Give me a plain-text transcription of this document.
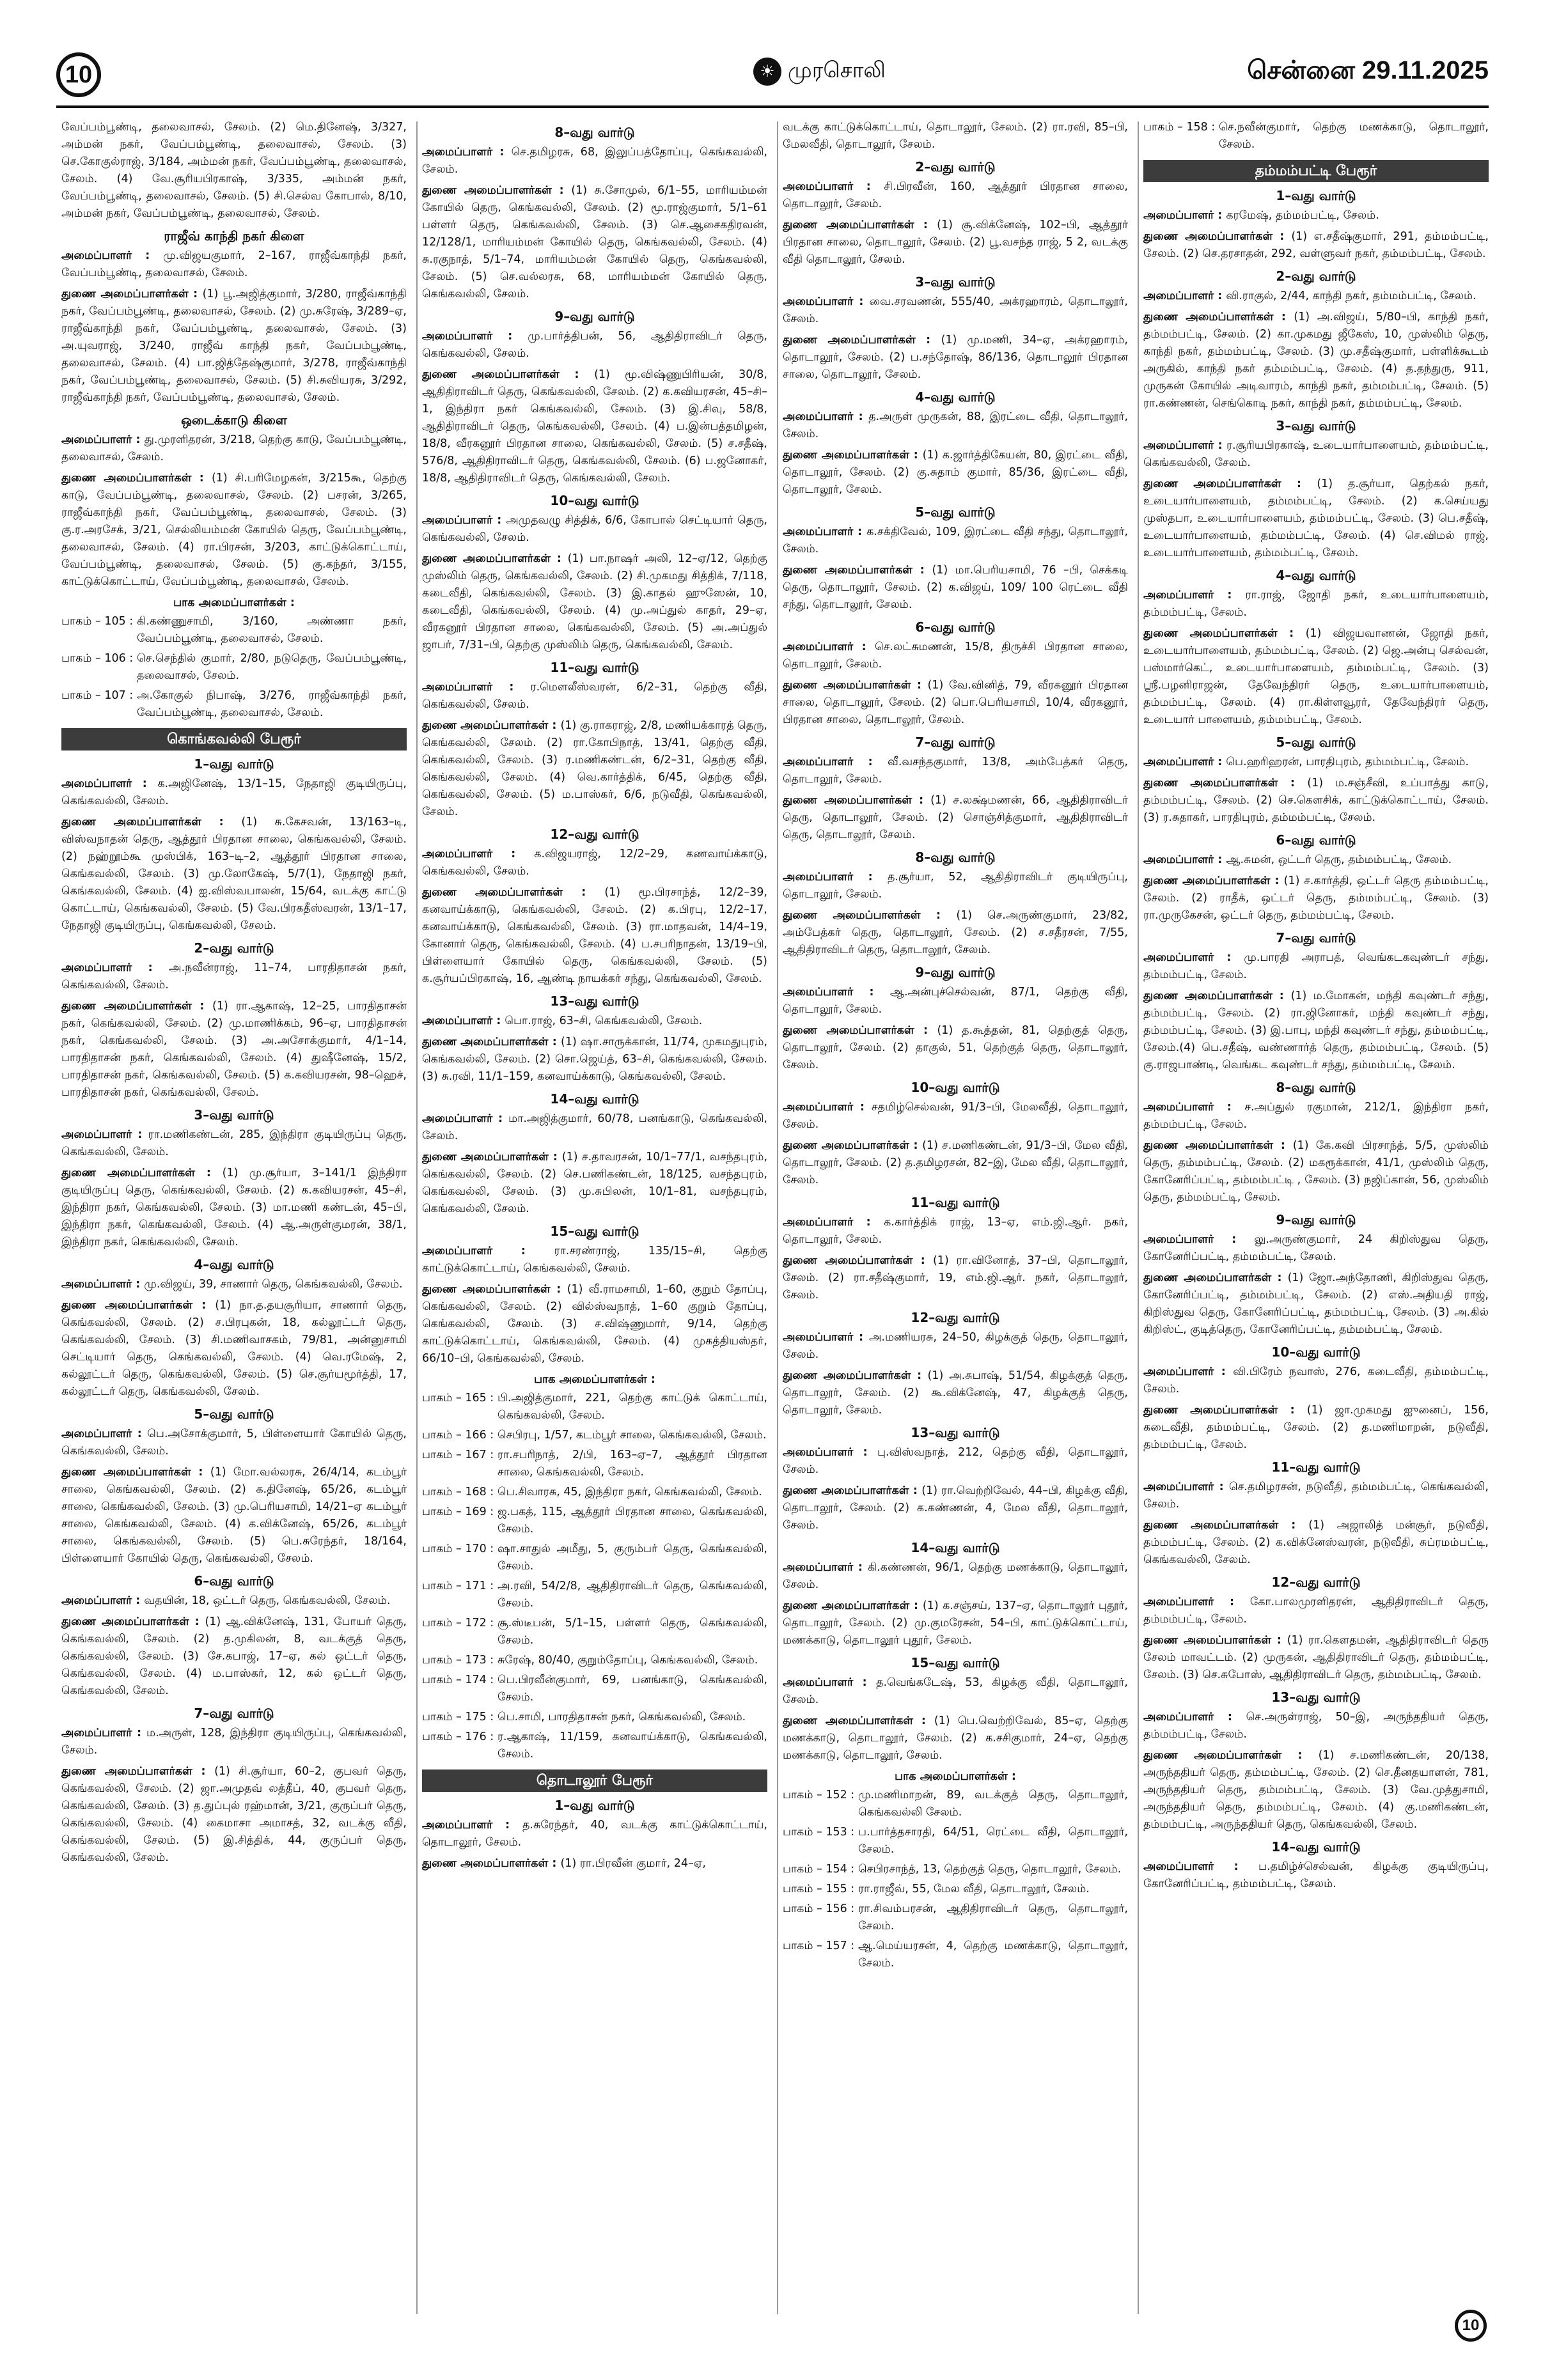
10	☀ முரசொலி	சென்னை 29.11.2025
வேப்பம்பூண்டி, தலைவாசல், சேலம். (2) மெ.தினேஷ், 3/327, அம்மன் நகர், வேப்பம்பூண்டி, தலைவாசல், சேலம். (3) செ.கோகுல்ராஜ், 3/184, அம்மன் நகர், வேப்பம்பூண்டி, தலைவாசல், சேலம். (4) வே.சூரியபிரகாஷ், 3/335, அம்மன் நகர், வேப்பம்பூண்டி, தலைவாசல், சேலம். (5) சி.செல்வ கோபால், 8/10, அம்மன் நகர், வேப்பம்பூண்டி, தலைவாசல், சேலம்.
ராஜீவ் காந்தி நகர் கிளை
அமைப்பாளர் : மு.விஜயகுமார், 2–167, ராஜீவ்காந்தி நகர், வேப்பம்பூண்டி, தலைவாசல், சேலம்.
துணை அமைப்பாளர்கள் : (1) பூ.அஜித்குமார், 3/280, ராஜீவ்காந்தி நகர், வேப்பம்பூண்டி, தலைவாசல், சேலம். (2) மு.சுரேஷ், 3/289–ஏ, ராஜீவ்காந்தி நகர், வேப்பம்பூண்டி, தலைவாசல், சேலம். (3) அ.யுவராஜ், 3/240, ராஜீவ் காந்தி நகர், வேப்பம்பூண்டி, தலைவாசல், சேலம். (4) பா.ஜித்தேஷ்குமார், 3/278, ராஜீவ்காந்தி நகர், வேப்பம்பூண்டி, தலைவாசல், சேலம். (5) சி.சுவியரசு, 3/292, ராஜீவ்காந்தி நகர், வேப்பம்பூண்டி, தலைவாசல், சேலம்.
ஒடைக்காடு கிளை
அமைப்பாளர் : து.முரளிதரன், 3/218, தெற்கு காடு, வேப்பம்பூண்டி, தலைவாசல், சேலம்.
துணை அமைப்பாளர்கள் : (1) சி.பரிமேழகன், 3/215கூ, தெற்கு காடு, வேப்பம்பூண்டி, தலைவாசல், சேலம். (2) பசரன், 3/265, ராஜீவ்காந்தி நகர், வேப்பம்பூண்டி, தலைவாசல், சேலம். (3) கு.ர.அரசேக், 3/21, செல்லியம்மன் கோயில் தெரு, வேப்பம்பூண்டி, தலைவாசல், சேலம். (4) ரா.பிரசன், 3/203, காட்டுக்கொட்டாய், வேப்பம்பூண்டி, தலைவாசல், சேலம். (5) கு.கந்தர், 3/155, காட்டுக்கொட்டாய், வேப்பம்பூண்டி, தலைவாசல், சேலம்.
பாக அமைப்பாளர்கள் :
பாகம் – 105 : கி.கண்ணுசாமி, 3/160, அண்ணா நகர், வேப்பம்பூண்டி, தலைவாசல், சேலம்.
பாகம் – 106 : செ.செந்தில் குமார், 2/80, நடுதெரு, வேப்பம்பூண்டி, தலைவாசல், சேலம்.
பாகம் – 107 : அ.கோகுல் நிபாஷ், 3/276, ராஜீவ்காந்தி நகர், வேப்பம்பூண்டி, தலைவாசல், சேலம்.
கொங்கவல்லி பேரூர்
1–வது வார்டு
அமைப்பாளர் : க.அஜினேஷ், 13/1–15, நேதாஜி குடியிருப்பு, கெங்கவல்லி, சேலம்.
துணை அமைப்பாளர்கள் : (1) சு.கேசவன், 13/163–டி, விஸ்வநாதன் தெரு, ஆத்தூர் பிரதான சாலை, கெங்கவல்லி, சேலம். (2) நஹ்றூம்கூ முஸ்பிக், 163–டி–2, ஆத்தூர் பிரதான சாலை, கெங்கவல்லி, சேலம். (3) மு.லோகேஷ், 5/7(1), நேதாஜி நகர், கெங்கவல்லி, சேலம். (4) ஐ.விஸ்வபாலன், 15/64, வடக்கு காட்டு கொட்டாய், கெங்கவல்லி, சேலம். (5) வே.பிரகதீஸ்வரன், 13/1–17, நேதாஜி குடியிருப்பு, கெங்கவல்லி, சேலம்.
2–வது வார்டு
அமைப்பாளர் : அ.நவீன்ராஜ், 11–74, பாரதிதாசன் நகர், கெங்கவல்லி, சேலம்.
துணை அமைப்பாளர்கள் : (1) ரா.ஆகாஷ், 12–25, பாரதிதாசன் நகர், கெங்கவல்லி, சேலம். (2) மு.மாணிக்கம், 96–ஏ, பாரதிதாசன் நகர், கெங்கவல்லி, சேலம். (3) அ.அசோக்குமார், 4/1–14, பாரதிதாசன் நகர், கெங்கவல்லி, சேலம். (4) துஷீனேஷ், 15/2, பாரதிதாசன் நகர், கெங்கவல்லி, சேலம். (5) க.கவியரசன், 98–ஹெச், பாரதிதாசன் நகர், கெங்கவல்லி, சேலம்.
3–வது வார்டு
அமைப்பாளர் : ரா.மணிகண்டன், 285, இந்திரா குடியிருப்பு தெரு, கெங்கவல்லி, சேலம்.
துணை அமைப்பாளர்கள் : (1) மு.சூர்யா, 3–141/1 இந்திரா குடியிருப்பு தெரு, கெங்கவல்லி, சேலம். (2) க.கவியரசன், 45–சி, இந்திரா நகர், கெங்கவல்லி, சேலம். (3) மா.மணி கண்டன், 45–பி, இந்திரா நகர், கெங்கவல்லி, சேலம். (4) ஆ.அருள்குமரன், 38/1, இந்திரா நகர், கெங்கவல்லி, சேலம்.
4–வது வார்டு
அமைப்பாளர் : மு.விஜய், 39, சாணார் தெரு, கெங்கவல்லி, சேலம்.
துணை அமைப்பாளர்கள் : (1) நா.த.தயசூரியா, சாணார் தெரு, கெங்கவல்லி, சேலம். (2) ச.பிரபுகன், 18, கல்லூட்டர் தெரு, கெங்கவல்லி, சேலம். (3) சி.மணிவாசகம், 79/81, அன்னுசாமி செட்டியார் தெரு, கெங்கவல்லி, சேலம். (4) வெ.ரமேஷ், 2, கல்லூட்டர் தெரு, கெங்கவல்லி, சேலம். (5) செ.சூர்யமூர்த்தி, 17, கல்லூட்டர் தெரு, கெங்கவல்லி, சேலம்.
5–வது வார்டு
அமைப்பாளர் : பெ.அசோக்குமார், 5, பிள்ளையார் கோயில் தெரு, கெங்கவல்லி, சேலம்.
துணை அமைப்பாளர்கள் : (1) மோ.வல்லரசு, 26/4/14, கடம்பூர் சாலை, கெங்கவல்லி, சேலம். (2) க.தினேஷ், 65/26, கடம்பூர் சாலை, கெங்கவல்லி, சேலம். (3) மு.பெரியசாமி, 14/21–ஏ கடம்பூர் சாலை, கெங்கவல்லி, சேலம். (4) க.விக்னேஷ், 65/26, கடம்பூர் சாலை, கெங்கவல்லி, சேலம். (5) பெ.சுரேந்தர், 18/164, பிள்ளையார் கோயில் தெரு, கெங்கவல்லி, சேலம்.
6–வது வார்டு
அமைப்பாளர் : வதயின், 18, ஒட்டர் தெரு, கெங்கவல்லி, சேலம்.
துணை அமைப்பாளர்கள் : (1) ஆ.விக்னேஷ், 131, போயர் தெரு, கெங்கவல்லி, சேலம். (2) த.முகிலன், 8, வடக்குத் தெரு, கெங்கவல்லி, சேலம். (3) சே.கபாஜ், 17–ஏ, கல் ஒட்டர் தெரு, கெங்கவல்லி, சேலம். (4) ம.பாஸ்கர், 12, கல் ஒட்டர் தெரு, கெங்கவல்லி, சேலம்.
7–வது வார்டு
அமைப்பாளர் : ம.அருள், 128, இந்திரா குடியிருப்பு, கெங்கவல்லி, சேலம்.
துணை அமைப்பாளர்கள் : (1) சி.சூர்யா, 60–2, குபவர் தெரு, கெங்கவல்லி, சேலம். (2) ஜா.அமுதவ் லத்தீப், 40, குபவர் தெரு, கெங்கவல்லி, சேலம். (3) த.துப்புல் ரஹ்மான், 3/21, குருப்பர் தெரு, கெங்கவல்லி, சேலம். (4) கைமாசா அமாசத், 32, வடக்கு வீதி, கெங்கவல்லி, சேலம். (5) இ.சித்திக், 44, குருப்பர் தெரு, கெங்கவல்லி, சேலம்.
8–வது வார்டு
அமைப்பாளர் : செ.தமிழரசு, 68, இலுப்பத்தோப்பு, கெங்கவல்லி, சேலம்.
துணை அமைப்பாளர்கள் : (1) சு.சோமுல், 6/1–55, மாரியம்மன் கோயில் தெரு, கெங்கவல்லி, சேலம். (2) மூ.ராஜ்குமார், 5/1–61 பள்ளர் தெரு, கெங்கவல்லி, சேலம். (3) செ.ஆசைகதிரவன், 12/128/1, மாரியம்மன் கோயில் தெரு, கெங்கவல்லி, சேலம். (4) சு.ரகுநாத், 5/1–74, மாரியம்மன் கோயில் தெரு, கெங்கவல்லி, சேலம். (5) செ.வல்லரசு, 68, மாரியம்மன் கோயில் தெரு, கெங்கவல்லி, சேலம்.
9–வது வார்டு
அமைப்பாளர் : மு.பார்த்திபன், 56, ஆதிதிராவிடர் தெரு, கெங்கவல்லி, சேலம்.
துணை அமைப்பாளர்கள் : (1) மூ.விஷ்ணுபிரியன், 30/8, ஆதிதிராவிடர் தெரு, கெங்கவல்லி, சேலம். (2) க.கவியரசன், 45–சி–1, இந்திரா நகர் கெங்கவல்லி, சேலம். (3) இ.சிவு, 58/8, ஆதிதிராவிடர் தெரு, கெங்கவல்லி, சேலம். (4) ப.இன்பத்தமிழன், 18/8, வீரகனூர் பிரதான சாலை, கெங்கவல்லி, சேலம். (5) ச.சதீஷ், 576/8, ஆதிதிராவிடர் தெரு, கெங்கவல்லி, சேலம். (6) ப.ஜனோகர், 18/8, ஆதிதிராவிடர் தெரு, கெங்கவல்லி, சேலம்.
10–வது வார்டு
அமைப்பாளர் : அமுதவழு சித்திக், 6/6, கோபால் செட்டியார் தெரு, கெங்கவல்லி, சேலம்.
துணை அமைப்பாளர்கள் : (1) பா.நாஷர் அலி, 12–ஏ/12, தெற்கு முஸ்லிம் தெரு, கெங்கவல்லி, சேலம். (2) சி.முகமது சித்திக், 7/118, கடைவீதி, கெங்கவல்லி, சேலம். (3) இ.காதல் ஹுஸேன், 10, கடைவீதி, கெங்கவல்லி, சேலம். (4) மு.அப்துல் காதர், 29–ஏ, வீரகனூர் பிரதான சாலை, கெங்கவல்லி, சேலம். (5) அ.அப்துல் ஜாபர், 7/31–பி, தெற்கு முஸ்லிம் தெரு, கெங்கவல்லி, சேலம்.
11–வது வார்டு
அமைப்பாளர் : ர.மௌலீஸ்வரன், 6/2–31, தெற்கு வீதி, கெங்கவல்லி, சேலம்.
துணை அமைப்பாளர்கள் : (1) கு.ராகராஜ், 2/8, மணியக்காரத் தெரு, கெங்கவல்லி, சேலம். (2) ரா.கோபிநாத், 13/41, தெற்கு வீதி, கெங்கவல்லி, சேலம். (3) ர.மணிகண்டன், 6/2–31, தெற்கு வீதி, கெங்கவல்லி, சேலம். (4) வெ.கார்த்திக், 6/45, தெற்கு வீதி, கெங்கவல்லி, சேலம். (5) ம.பாஸ்கர், 6/6, நடுவீதி, கெங்கவல்லி, சேலம்.
12–வது வார்டு
அமைப்பாளர் : க.விஜயராஜ், 12/2–29, கணவாய்க்காடு, கெங்கவல்லி, சேலம்.
துணை அமைப்பாளர்கள் : (1) மூ.பிரசாந்த், 12/2–39, கனவாய்க்காடு, கெங்கவல்லி, சேலம். (2) க.பிரபு, 12/2–17, கனவாய்க்காடு, கெங்கவல்லி, சேலம். (3) ரா.மாதவன், 14/4–19, கோனார் தெரு, கெங்கவல்லி, சேலம். (4) ப.சபரிநாதன், 13/19–பி, பிள்ளையார் கோயில் தெரு, கெங்கவல்லி, சேலம். (5) க.சூர்யப்பிரகாஷ், 16, ஆண்டி நாயக்கர் சந்து, கெங்கவல்லி, சேலம்.
13–வது வார்டு
அமைப்பாளர் : பொ.ராஜ், 63–சி, கெங்கவல்லி, சேலம்.
துணை அமைப்பாளர்கள் : (1) ஷா.சாருக்கான், 11/74, முகமதுபுரம், கெங்கவல்லி, சேலம். (2) சொ.ஜெய்த், 63–சி, கெங்கவல்லி, சேலம். (3) சு.ரவி, 11/1–159, கனவாய்க்காடு, கெங்கவல்லி, சேலம்.
14–வது வார்டு
அமைப்பாளர் : மா.அஜித்குமார், 60/78, பனங்காடு, கெங்கவல்லி, சேலம்.
துணை அமைப்பாளர்கள் : (1) ச.தாவரசன், 10/1–77/1, வசந்தபுரம், கெங்கவல்லி, சேலம். (2) செ.பணிகண்டன், 18/125, வசந்தபுரம், கெங்கவல்லி, சேலம். (3) மு.சுபிலன், 10/1–81, வசந்தபுரம், கெங்கவல்லி, சேலம்.
15–வது வார்டு
அமைப்பாளர் : ரா.சரண்ராஜ், 135/15–சி, தெற்கு காட்டுக்கொட்டாய், கெங்கவல்லி, சேலம்.
துணை அமைப்பாளர்கள் : (1) வீ.ராமசாமி, 1–60, குறும் தோப்பு, கெங்கவல்லி, சேலம். (2) வில்ஸ்வநாத், 1–60 குறும் தோப்பு, கெங்கவல்லி, சேலம். (3) ச.விஷ்ணுமார், 9/14, தெற்கு காட்டுக்கொட்டாய், கெங்கவல்லி, சேலம். (4) முகத்தியஸ்தர், 66/10–பி, கெங்கவல்லி, சேலம்.
பாக அமைப்பாளர்கள் :
பாகம் – 165 : பி.அஜித்குமார், 221, தெற்கு காட்டுக் கொட்டாய், கெங்கவல்லி, சேலம்.
பாகம் – 166 : செபிரபு, 1/57, கடம்பூர் சாலை, கெங்கவல்லி, சேலம்.
பாகம் – 167 : ரா.சபரிநாத், 2/பி, 163–ஏ–7, ஆத்தூர் பிரதான சாலை, கெங்கவல்லி, சேலம்.
பாகம் – 168 : பெ.சிவாரசு, 45, இந்திரா நகர், கெங்கவல்லி, சேலம்.
பாகம் – 169 : ஜ.பகத், 115, ஆத்தூர் பிரதான சாலை, கெங்கவல்லி, சேலம்.
பாகம் – 170 : ஷா.சாதுல் அமீது, 5, குரும்பர் தெரு, கெங்கவல்லி, சேலம்.
பாகம் – 171 : அ.ரவி, 54/2/8, ஆதிதிராவிடர் தெரு, கெங்கவல்லி, சேலம்.
பாகம் – 172 : சூ.ஸ்டீபன், 5/1–15, பள்ளர் தெரு, கெங்கவல்லி, சேலம்.
பாகம் – 173 : சுரேஷ், 80/40, குறும்தோப்பு, கெங்கவல்லி, சேலம்.
பாகம் – 174 : பெ.பிரவீன்குமார், 69, பனங்காடு, கெங்கவல்லி, சேலம்.
பாகம் – 175 : பெ.சாமி, பாரதிதாசன் நகர், கெங்கவல்லி, சேலம்.
பாகம் – 176 : ர.ஆகாஷ், 11/159, கனவாய்க்காடு, கெங்கவல்லி, சேலம்.
தொடாலூர் பேரூர்
1–வது வார்டு
அமைப்பாளர் : த.சுரேந்தர், 40, வடக்கு காட்டுக்கொட்டாய், தொடாலூர், சேலம்.
துணை அமைப்பாளர்கள் : (1) ரா.பிரவீன் குமார், 24–ஏ,
வடக்கு காட்டுக்கொட்டாய், தொடாலூர், சேலம். (2) ரா.ரவி, 85–பி, மேலவீதி, தொடாலூர், சேலம்.
2–வது வார்டு
அமைப்பாளர் : சி.பிரவீன், 160, ஆத்தூர் பிரதான சாலை, தொடாலூர், சேலம்.
துணை அமைப்பாளர்கள் : (1) சூ.விக்னேஷ், 102–பி, ஆத்தூர் பிரதான சாலை, தொடாலூர், சேலம். (2) பூ.வசந்த ராஜ், 5 2, வடக்கு வீதி தொடாலூர், சேலம்.
3–வது வார்டு
அமைப்பாளர் : வை.சரவணன், 555/40, அக்ரஹாரம், தொடாலூர், சேலம்.
துணை அமைப்பாளர்கள் : (1) மு.மணி, 34–ஏ, அக்ரஹாரம், தொடாலூர், சேலம். (2) ப.சந்தோஷ், 86/136, தொடாலூர் பிரதான சாலை, தொடாலூர், சேலம்.
4–வது வார்டு
அமைப்பாளர் : த.அருள் முருகன், 88, இரட்டை வீதி, தொடாலூர், சேலம்.
துணை அமைப்பாளர்கள் : (1) க.ஜார்த்திகேயன், 80, இரட்டை வீதி, தொடாலூர், சேலம். (2) கு.சுதாம் குமார், 85/36, இரட்டை வீதி, தொடாலூர், சேலம்.
5–வது வார்டு
அமைப்பாளர் : க.சக்திவேல், 109, இரட்டை வீதி சந்து, தொடாலூர், சேலம்.
துணை அமைப்பாளர்கள் : (1) மா.பெரியசாமி, 76 –பி, செக்கடி தெரு, தொடாலூர், சேலம். (2) க.விஜய், 109/ 100 ரெட்டை வீதி சந்து, தொடாலூர், சேலம்.
6–வது வார்டு
அமைப்பாளர் : செ.லட்சுமணன், 15/8, திருச்சி பிரதான சாலை, தொடாலூர், சேலம்.
துணை அமைப்பாளர்கள் : (1) வே.வினித், 79, வீரகனூர் பிரதான சாலை, தொடாலூர், சேலம். (2) பொ.பெரியசாமி, 10/4, வீரகனூர், பிரதான சாலை, தொடாலூர், சேலம்.
7–வது வார்டு
அமைப்பாளர் : வீ.வசந்தகுமார், 13/8, அம்பேத்கர் தெரு, தொடாலூர், சேலம்.
துணை அமைப்பாளர்கள் : (1) ச.லக்ஷ்மணன், 66, ஆதிதிராவிடர் தெரு, தொடாலூர், சேலம். (2) சொஞ்சித்குமார், ஆதிதிராவிடர் தெரு, தொடாலூர், சேலம்.
8–வது வார்டு
அமைப்பாளர் : த.சூர்யா, 52, ஆதிதிராவிடர் குடியிருப்பு, தொடாலூர், சேலம்.
துணை அமைப்பாளர்கள் : (1) செ.அருண்குமார், 23/82, அம்பேத்கர் தெரு, தொடாலூர், சேலம். (2) ச.சதீரசன், 7/55, ஆதிதிராவிடர் தெரு, தொடாலூர், சேலம்.
9–வது வார்டு
அமைப்பாளர் : ஆ.அன்புச்செல்வன், 87/1, தெற்கு வீதி, தொடாலூர், சேலம்.
துணை அமைப்பாளர்கள் : (1) த.கூத்தன், 81, தெற்குத் தெரு, தொடாலூர், சேலம். (2) தாகுல், 51, தெற்குத் தெரு, தொடாலூர், சேலம்.
10–வது வார்டு
அமைப்பாளர் : சதமிழ்செல்வன், 91/3–பி, மேலவீதி, தொடாலூர், சேலம்.
துணை அமைப்பாளர்கள் : (1) ச.மணிகண்டன், 91/3–பி, மேல வீதி, தொடாலூர், சேலம். (2) த.தமிழரசன், 82–இ, மேல வீதி, தொடாலூர், சேலம்.
11–வது வார்டு
அமைப்பாளர் : க.கார்த்திக் ராஜ், 13–ஏ, எம்.ஜி.ஆர். நகர், தொடாலூர், சேலம்.
துணை அமைப்பாளர்கள் : (1) ரா.வினோத், 37–பி, தொடாலூர், சேலம். (2) ரா.சதீஷ்குமார், 19, எம்.ஜி.ஆர். நகர், தொடாலூர், சேலம்.
12–வது வார்டு
அமைப்பாளர் : அ.மணியரசு, 24–50, கிழக்குத் தெரு, தொடாலூர், சேலம்.
துணை அமைப்பாளர்கள் : (1) அ.சுபாஷ், 51/54, கிழக்குத் தெரு, தொடாலூர், சேலம். (2) கூ.விக்னேஷ், 47, கிழக்குத் தெரு, தொடாலூர், சேலம்.
13–வது வார்டு
அமைப்பாளர் : பு.விஸ்வநாத், 212, தெற்கு வீதி, தொடாலூர், சேலம்.
துணை அமைப்பாளர்கள் : (1) ரா.வெற்றிவேல், 44–பி, கிழக்கு வீதி, தொடாலூர், சேலம். (2) க.கண்ணன், 4, மேல வீதி, தொடாலூர், சேலம்.
14–வது வார்டு
அமைப்பாளர் : கி.கண்ணன், 96/1, தெற்கு மணக்காடு, தொடாலூர், சேலம்.
துணை அமைப்பாளர்கள் : (1) க.சஞ்சய், 137–ஏ, தொடாலூர் புதூர், தொடாலூர், சேலம். (2) மு.குமரேசன், 54–பி, காட்டுக்கொட்டாய், மணக்காடு, தொடாலூர் புதூர், சேலம்.
15–வது வார்டு
அமைப்பாளர் : த.வெங்கடேஷ், 53, கிழக்கு வீதி, தொடாலூர், சேலம்.
துணை அமைப்பாளர்கள் : (1) பெ.வெற்றிவேல், 85–ஏ, தெற்கு மணக்காடு, தொடாலூர், சேலம். (2) க.சசிகுமார், 24–ஏ, தெற்கு மணக்காடு, தொடாலூர், சேலம்.
பாக அமைப்பாளர்கள் :
பாகம் – 152 : மு.மணிமாறன், 89, வடக்குத் தெரு, தொடாலூர், கெங்கவல்லி சேலம்.
பாகம் – 153 : ப.பார்த்தசாரதி, 64/51, ரெட்டை வீதி, தொடாலூர், சேலம்.
பாகம் – 154 : செபிரசாந்த், 13, தெற்குத் தெரு, தொடாலூர், சேலம்.
பாகம் – 155 : ரா.ராஜீவ், 55, மேல வீதி, தொடாலூர், சேலம்.
பாகம் – 156 : ரா.சிவம்பரசன், ஆதிதிராவிடர் தெரு, தொடாலூர், சேலம்.
பாகம் – 157 : ஆ.மெய்யரசன், 4, தெற்கு மணக்காடு, தொடாலூர், சேலம்.
பாகம் – 158 : செ.நவீன்குமார், தெற்கு மணக்காடு, தொடாலூர், சேலம்.
தம்மம்பட்டி பேரூர்
1–வது வார்டு
அமைப்பாளர் : கரமேஷ், தம்மம்பட்டி, சேலம்.
துணை அமைப்பாளர்கள் : (1) எ.சதீஷ்குமார், 291, தம்மம்பட்டி, சேலம். (2) செ.தரசாதன், 292, வள்ளுவர் நகர், தம்மம்பட்டி, சேலம்.
2–வது வார்டு
அமைப்பாளர் : வி.ராகுல், 2/44, காந்தி நகர், தம்மம்பட்டி, சேலம்.
துணை அமைப்பாளர்கள் : (1) அ.விஜய், 5/80–பி, காந்தி நகர், தம்மம்பட்டி, சேலம். (2) கா.முகமது ஜீகேஸ், 10, முஸ்லிம் தெரு, காந்தி நகர், தம்மம்பட்டி, சேலம். (3) மு.சதீஷ்குமார், பள்ளிக்கூடம் அருகில், காந்தி நகர் தம்மம்பட்டி, சேலம். (4) த.தந்துரு, 911, முருகன் கோயில் அடிவாரம், காந்தி நகர், தம்மம்பட்டி, சேலம். (5) ரா.கண்ணன், செங்கொடி நகர், காந்தி நகர், தம்மம்பட்டி, சேலம்.
3–வது வார்டு
அமைப்பாளர் : ர.சூரியபிரகாஷ், உடையார்பாளையம், தம்மம்பட்டி, கெங்கவல்லி, சேலம்.
துணை அமைப்பாளர்கள் : (1) த.சூர்யா, தெற்கல் நகர், உடையார்பாளையம், தம்மம்பட்டி, சேலம். (2) க.செய்யது முஸ்தபா, உடையார்பாளையம், தம்மம்பட்டி, சேலம். (3) பெ.சதீஷ், உடையார்பாளையம், தம்மம்பட்டி, சேலம். (4) செ.விமல் ராஜ், உடையார்பாளையம், தம்மம்பட்டி, சேலம்.
4–வது வார்டு
அமைப்பாளர் : ரா.ராஜ், ஜோதி நகர், உடையார்பாளையம், தம்மம்பட்டி, சேலம்.
துணை அமைப்பாளர்கள் : (1) விஜயவாணன், ஜோதி நகர், உடையார்பாளையம், தம்மம்பட்டி, சேலம். (2) ஜெ.அன்பு செல்வன், பஸ்மார்கெட், உடையார்பாளையம், தம்மம்பட்டி, சேலம். (3) ஸ்ரீ.பழனிராஜன், தேவேந்திரர் தெரு, உடையார்பாளையம், தம்மம்பட்டி, சேலம். (4) ரா.கிள்ளவூரர், தேவேந்திரர் தெரு, உடையார் பாளையம், தம்மம்பட்டி, சேலம்.
5–வது வார்டு
அமைப்பாளர் : பெ.ஹரிஹரன், பாரதிபுரம், தம்மம்பட்டி, சேலம்.
துணை அமைப்பாளர்கள் : (1) ம.சஞ்சீவி, உப்பாத்து காடு, தம்மம்பட்டி, சேலம். (2) செ.கௌசிக், காட்டுக்கொட்டாய், சேலம். (3) ர.சுதாகர், பாரதிபுரம், தம்மம்பட்டி, சேலம்.
6–வது வார்டு
அமைப்பாளர் : ஆ.சுமன், ஒட்டர் தெரு, தம்மம்பட்டி, சேலம்.
துணை அமைப்பாளர்கள் : (1) ச.கார்த்தி, ஒட்டர் தெரு தம்மம்பட்டி, சேலம். (2) ராதீக், ஒட்டர் தெரு, தம்மம்பட்டி, சேலம். (3) ரா.முருகேசன், ஒட்டர் தெரு, தம்மம்பட்டி, சேலம்.
7–வது வார்டு
அமைப்பாளர் : மு.பாரதி அராபத், வெங்கடகவுண்டர் சந்து, தம்மம்பட்டி, சேலம்.
துணை அமைப்பாளர்கள் : (1) ம.மோகன், மந்தி கவுண்டர் சந்து, தம்மம்பட்டி, சேலம். (2) ரா.ஜினோகர், மந்தி கவுண்டர் சந்து, தம்மம்பட்டி, சேலம். (3) இ.பாபு, மந்தி கவுண்டர் சந்து, தம்மம்பட்டி, சேலம்.(4) பெ.சதீஷ், வண்ணார்த் தெரு, தம்மம்பட்டி, சேலம். (5) கு.ராஜபாண்டி, வெங்கட கவுண்டர் சந்து, தம்மம்பட்டி, சேலம்.
8–வது வார்டு
அமைப்பாளர் : ச.அப்துல் ரகுமான், 212/1, இந்திரா நகர், தம்மம்பட்டி, சேலம்.
துணை அமைப்பாளர்கள் : (1) கே.கவி பிரசாந்த், 5/5, முஸ்லிம் தெரு, தம்மம்பட்டி, சேலம். (2) மகரூக்கான், 41/1, முஸ்லிம் தெரு, கோனேரிப்பட்டி, தம்மம்பட்டி , சேலம். (3) நஜிப்கான், 56, முஸ்லிம் தெரு, தம்மம்பட்டி, சேலம்.
9–வது வார்டு
அமைப்பாளர் : லு.அருண்குமார், 24 கிறிஸ்துவ தெரு, கோனேரிப்பட்டி, தம்மம்பட்டி, சேலம்.
துணை அமைப்பாளர்கள் : (1) ஜோ.அந்தோணி, கிறிஸ்துவ தெரு, கோனேரிப்பட்டி, தம்மம்பட்டி, சேலம். (2) எஸ்.அதியதி ராஜ், கிறிஸ்துவ தெரு, கோனேரிப்பட்டி, தம்மம்பட்டி, சேலம். (3) அ.கில் கிறிஸ்ட், குடித்தெரு, கோனேரிப்பட்டி, தம்மம்பட்டி, சேலம்.
10–வது வார்டு
அமைப்பாளர் : வி.பிரேம் நவாஸ், 276, கடைவீதி, தம்மம்பட்டி, சேலம்.
துணை அமைப்பாளர்கள் : (1) ஜா.முகமது ஐுனைப், 156, கடைவீதி, தம்மம்பட்டி, சேலம். (2) த.மணிமாறன், நடுவீதி, தம்மம்பட்டி, சேலம்.
11–வது வார்டு
அமைப்பாளர் : செ.தமிழரசன், நடுவீதி, தம்மம்பட்டி, கெங்கவல்லி, சேலம்.
துணை அமைப்பாளர்கள் : (1) அஜாலித் மன்சூர், நடுவீதி, தம்மம்பட்டி, சேலம். (2) க.விக்னேஸ்வரன், நடுவீதி, சுப்ரமம்பட்டி, கெங்கவல்லி, சேலம்.
12–வது வார்டு
அமைப்பாளர் : கோ.பாலமுரளிதரன், ஆதிதிராவிடர் தெரு, தம்மம்பட்டி, சேலம்.
துணை அமைப்பாளர்கள் : (1) ரா.கௌதமன், ஆதிதிராவிடர் தெரு சேலம் மாவட்டம். (2) முருகன், ஆதிதிராவிடர் தெரு, தம்மம்பட்டி, சேலம். (3) செ.சுபோஸ், ஆதிதிராவிடர் தெரு, தம்மம்பட்டி, சேலம்.
13–வது வார்டு
அமைப்பாளர் : செ.அருள்ராஜ், 50–இ, அருந்ததியர் தெரு, தம்மம்பட்டி, சேலம்.
துணை அமைப்பாளர்கள் : (1) ச.மணிகண்டன், 20/138, அருந்ததியர் தெரு, தம்மம்பட்டி, சேலம். (2) செ.தீனதயாளன், 781, அருந்ததியர் தெரு, தம்மம்பட்டி, சேலம். (3) வே.முத்துசாமி, அருந்ததியர் தெரு, தம்மம்பட்டி, சேலம். (4) கு.மணிகண்டன், தம்மம்பட்டி, அருந்ததியர் தெரு, கெங்கவல்லி, சேலம்.
14–வது வார்டு
அமைப்பாளர் : ப.தமிழ்ச்செல்வன், கிழக்கு குடியிருப்பு, கோனேரிப்பட்டி, தம்மம்பட்டி, சேலம்.
10
